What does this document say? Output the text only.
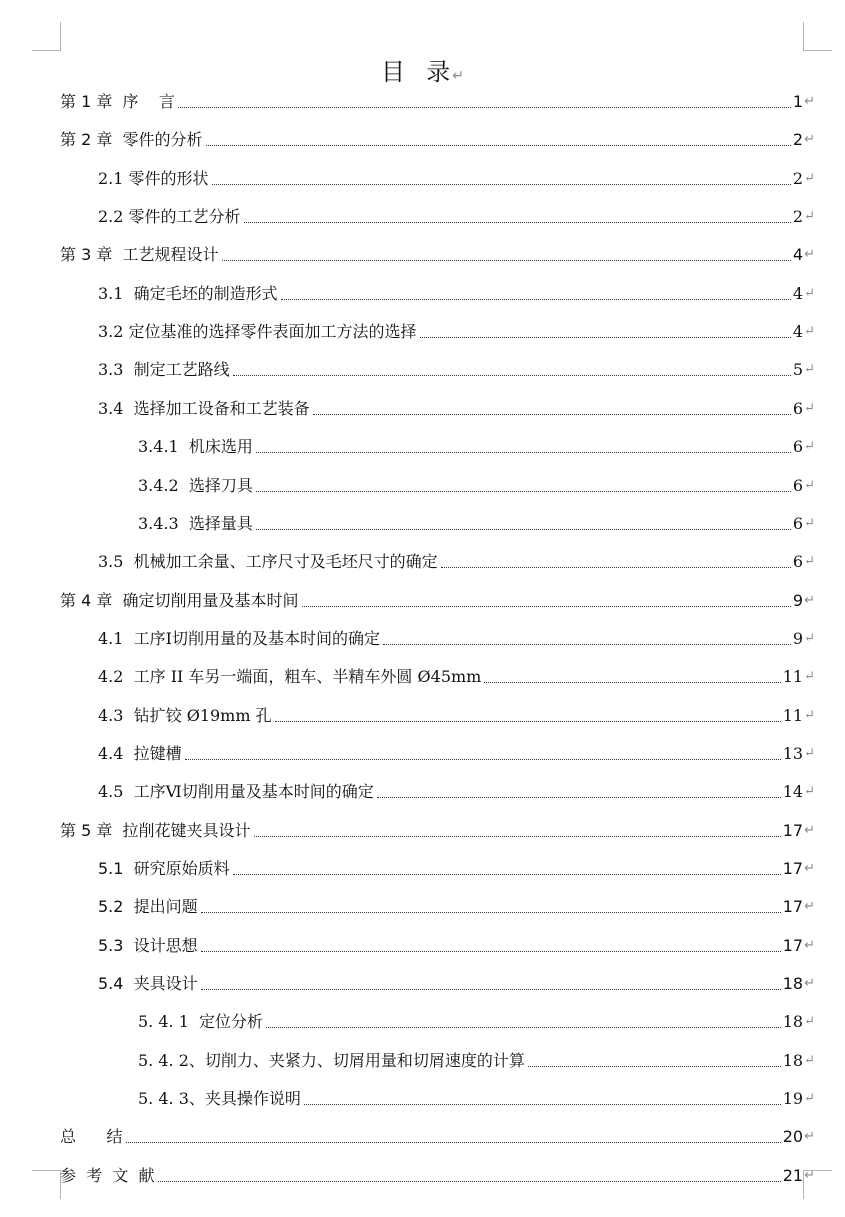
目  录↵
第 1 章  序    言	1 ↵
第 2 章  零件的分析	2 ↵
2.1 零件的形状	2 ↵
2.2 零件的工艺分析	2 ↵
第 3 章  工艺规程设计	4 ↵
3.1  确定毛坯的制造形式	4 ↵
3.2 定位基准的选择零件表面加工方法的选择	4 ↵
3.3  制定工艺路线	5 ↵
3.4  选择加工设备和工艺装备	6 ↵
3.4.1  机床选用	6 ↵
3.4.2  选择刀具	6 ↵
3.4.3  选择量具	6 ↵
3.5  机械加工余量、工序尺寸及毛坯尺寸的确定	6 ↵
第 4 章  确定切削用量及基本时间	9 ↵
4.1  工序I切削用量的及基本时间的确定	9 ↵
4.2  工序 II 车另一端面，粗车、半精车外圆 Ø45mm	11 ↵
4.3  钻扩铰 Ø19mm 孔	11 ↵
4.4  拉键槽	13 ↵
4.5  工序Ⅵ切削用量及基本时间的确定	14 ↵
第 5 章  拉削花键夹具设计	17 ↵
5.1  研究原始质料	17 ↵
5.2  提出问题	17 ↵
5.3  设计思想	17 ↵
5.4  夹具设计	18 ↵
5. 4. 1  定位分析	18 ↵
5. 4. 2、切削力、夹紧力、切屑用量和切屑速度的计算	18 ↵
5. 4. 3、夹具操作说明	19 ↵
总      结	20 ↵
参  考  文  献	21 ↵
